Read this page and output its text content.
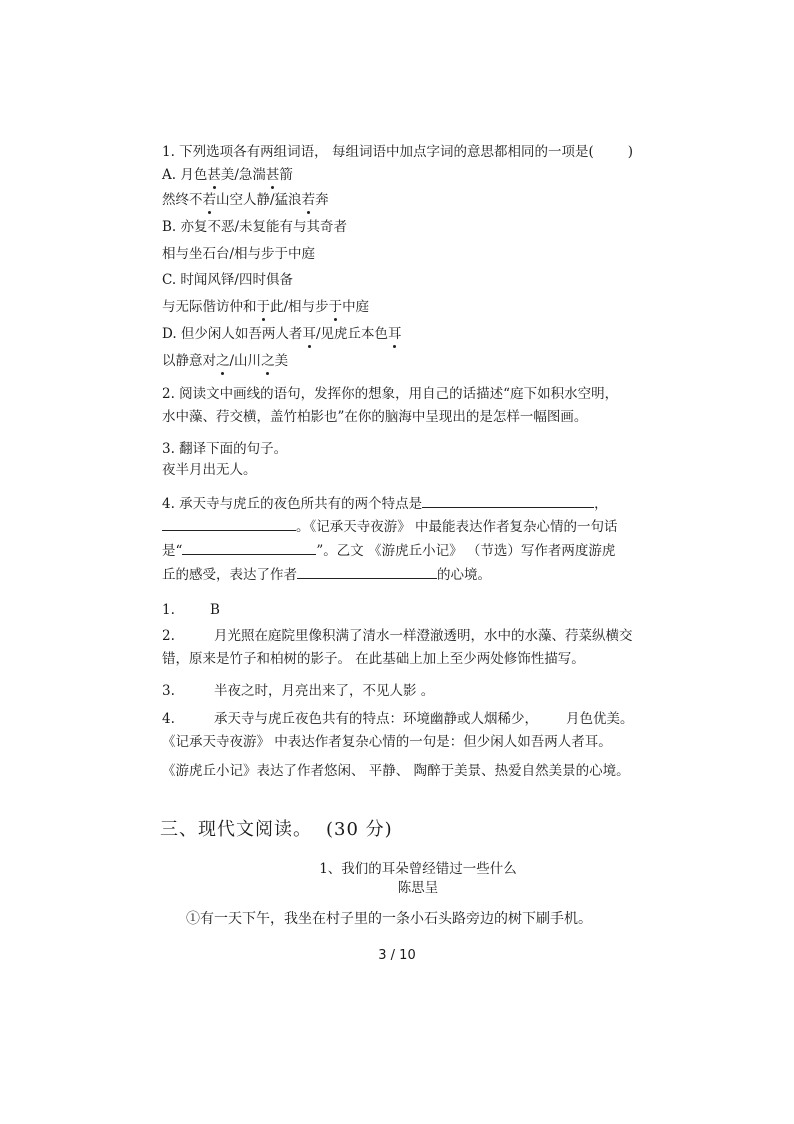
1. 下列选项各有两组词语， 每组词语中加点字词的意思都相同的一项是(	)
A. 月色甚美/急湍甚箭
然终不若山空人静/猛浪若奔
B. 亦复不恶/未复能有与其奇者
相与坐石台/相与步于中庭
C. 时闻风铎/四时俱备
与无际偕访仲和于此/相与步于中庭
D. 但少闲人如吾两人者耳/见虎丘本色耳
以静意对之/山川之美
2. 阅读文中画线的语句，发挥你的想象，用自己的话描述“庭下如积水空明，
水中藻、荇交横，盖竹柏影也”在你的脑海中呈现出的是怎样一幅图画。
3. 翻译下面的句子。
夜半月出无人。
4. 承天寺与虎丘的夜色所共有的两个特点是	，
。《记承天寺夜游》 中最能表达作者复杂心情的一句话
是“	”。乙文 《游虎丘小记》 （节选）写作者两度游虎
丘的感受，表达了作者	的心境。
1.	B
2.	月光照在庭院里像积满了清水一样澄澈透明，水中的水藻、荇菜纵横交
错，原来是竹子和柏树的影子。 在此基础上加上至少两处修饰性描写。
3.	半夜之时，月亮出来了，不见人影 。
4.	承天寺与虎丘夜色共有的特点：环境幽静或人烟稀少， 月色优美。
《记承天寺夜游》 中表达作者复杂心情的一句是：但少闲人如吾两人者耳。
《游虎丘小记》表达了作者悠闲、 平静、 陶醉于美景、热爱自然美景的心境。
三、现代文阅读。 (30 分)
1、我们的耳朵曾经错过一些什么
陈思呈
①有一天下午，我坐在村子里的一条小石头路旁边的树下刷手机。
3 / 10
